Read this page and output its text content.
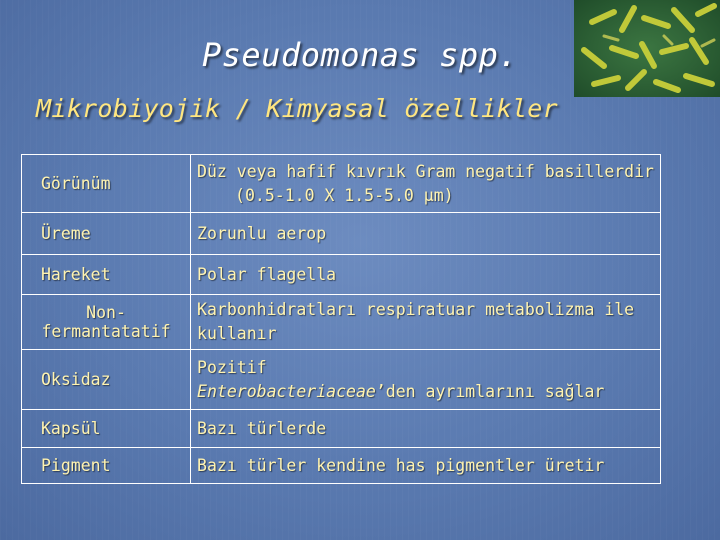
Pseudomonas spp.
Mikrobiyojik / Kimyasal özellikler
Görünüm	Düz veya hafif kıvrık Gram negatif basillerdir
(0.5-1.0 X 1.5-5.0 µm)

Üreme	Zorunlu aerop

Hareket	Polar flagella

Non-
fermantatatif	Karbonhidratları respiratuar metabolizma ile
kullanır

Oksidaz	Pozitif
Enterobacteriaceae’den ayrımlarını sağlar

Kapsül	Bazı türlerde

Pigment	Bazı türler kendine has pigmentler üretir
